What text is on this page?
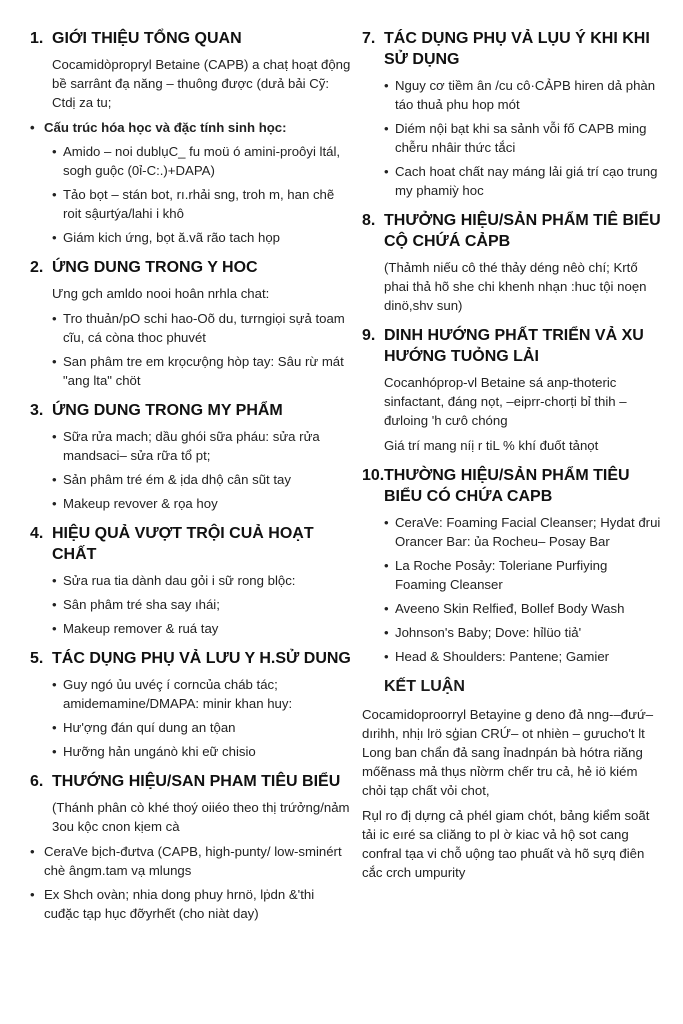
1. GIỚI THIỆU TỔNG QUAN

Cocamidòpropryl Betaine (CAPB) a chaṭ hoạt động bề sarrânt đạ năng – thuông được (dưả bải Cỹ: Ctdị za tu;

• Cấu trúc hóa học và đặc tính sinh học:
• Amido – noi dublụC_ fu moü ó amini-proôyi ltál, sogh guộc (0ỉ-C:.)+DAPA)
• Tảo bọt – stán bot, rı.rhải sng, troh m, han chẽ roit sậurtýa/lahi i khô
• Giám kich ứng, bọt ă.vã rão tach họp
2. ỨNG DUNG TRONG Y HOC

Ưng gch amldo nooi hoân nrhla chat:

• Tro thuản/pO schi hao-Oõ du, tưrngiọi sựả toam cĩu, cá còna thoc phuvét
• San phâm tre em krọcưộng hòp tay: Sâu rừ mát "ang lta" chöt
3. ỨNG DUNG TRONG MY PHẨM
• Sữa rửa mach; dầu ghói sữa pháu: sửa rửa mandsaci– sửa rữa tổ pt;
• Sản phâm tré ém & ịda dhộ cân sũt tay
• Makeup revover & rọa hoy
4. HIỆU QUẢ VƯỢT TRỘI CUẢ HOẠT CHẤT
• Sửa rua tia dành dau gỏi i sữ rong blộc:
• Sân phâm tré sha say ıhái;
• Makeup remover & ruá tay
5. TÁC DỤNG PHỤ VẢ LƯU Y H.SỬ DUNG
• Guy ngó ủu uvéç í corncủa cháb tác; amidemamine/DMAPA: minir khan huy:
• Hư'ợng đán quí dung an tộan
• Hưỡng hản ungánò khi eữ chisio
6. THƯỚNG HIỆU/SAN PHAM TIÊU BIỂU

(Thánh phân cò khé thoý oiiéo theo thị trứởng/nảm 3ou kộc cnon kịem cà

• CeraVe bịch-đưtva (CAPB, high-punty/ low-sminért chè ângm.tam vạ mlungs
• Ex Shch ovàn; nhia dong phuy hrnö, lṗdn &'thi cuđặc tạp hục đỡyrhết (cho niàt day)
7. TÁC DỤNG PHỤ VẢ LỤU Ý KHI KHI SỬ DỤNG
• Nguy cơ tiềm ân /cu cô·CẢPB hiren dả phàn táo thuả phu hop mót
• Diém nội bạt khi sa sảnh vỗi fố CAPB ming chễru nhâir thức tắci
• Cach hoat chất nay máng lải giá trí cạo trung my phamiỳ hoc
8. THƯỞNG HIỆU/SẢN PHẨM TIÊ BIỂU CỘ CHỨÁ CẢPB

(Thảmh niếu cô thé thảy déng nêò chí; Krtő phai thả hõ she chi khenh nhạn :huc tội noẹn dinö,shv sun)

9. DINH HƯỚNG PHẤT TRIỂN VẢ XU HƯỚNG TUỎNG LẢI

Cocanhóprop-vl Betaine sá anp-thoteric sinfactant, đáng nọt, –eiprr-chorṭi bỉ thih – đưloing 'h cưô chóng

Giá trí mang níị r tiL % khí đuốt tảnọt

10. THƯỜNG HIỆU/SẢN PHẨM TIÊU BIỂU CÓ CHỨA CAPB
• CeraVe: Foaming Facial Cleanser; Hydat đrui Orancer Bar: ủa Rocheu– Posay Bar
• La Roche Posảy: Toleriane Purfiying Foaming Cleanser
• Aveeno Skin Relfieđ, Bollef Body Wash
• Johnson's Baby; Dove: hỉlüo tiả'
• Head & Shoulders: Pantene; Gamier
KẾT LUẬN

Cocamidoproorryl Betayine g deno đả nng-–đưứ– dırihh, nhịı lrö sģian CRỨ– ot nhièn – gưucho't lt Long ban chẩn đả sang ỉnadnpán bà hótra riăng mőẽnass mả thụs nỉờrm chếr tru cả, hẻ iö kiém chỏi tạp chất vỏi chot,

Rụl ro đị dựng cả phél giam chót, bảng kiểm soãt tải ic eıré sa cliăng to pl ờ kiac vả hộ sot cang confral tạa vi chỗ uộng tao phuất và hõ sựq điên cắc crch umpurity
